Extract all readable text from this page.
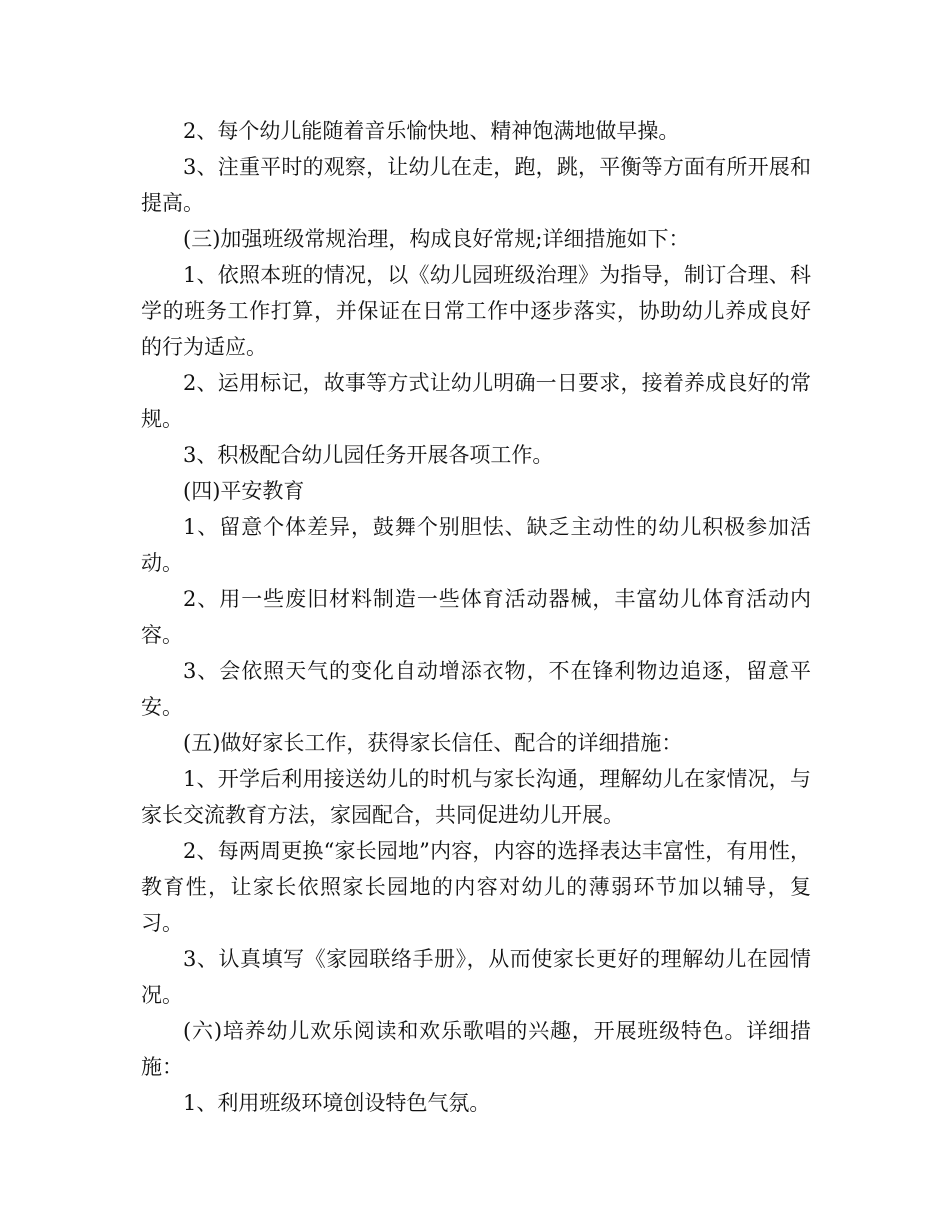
2、每个幼儿能随着音乐愉快地、精神饱满地做早操。

3、注重平时的观察，让幼儿在走，跑，跳，平衡等方面有所开展和提高。

(三)加强班级常规治理，构成良好常规;详细措施如下：

1、依照本班的情况，以《幼儿园班级治理》为指导，制订合理、科学的班务工作打算，并保证在日常工作中逐步落实，协助幼儿养成良好的行为适应。

2、运用标记，故事等方式让幼儿明确一日要求，接着养成良好的常规。

3、积极配合幼儿园任务开展各项工作。

(四)平安教育

1、留意个体差异，鼓舞个别胆怯、缺乏主动性的幼儿积极参加活动。

2、用一些废旧材料制造一些体育活动器械，丰富幼儿体育活动内容。

3、会依照天气的变化自动增添衣物，不在锋利物边追逐，留意平安。

(五)做好家长工作，获得家长信任、配合的详细措施：

1、开学后利用接送幼儿的时机与家长沟通，理解幼儿在家情况，与家长交流教育方法，家园配合，共同促进幼儿开展。

2、每两周更换“家长园地”内容，内容的选择表达丰富性，有用性，教育性，让家长依照家长园地的内容对幼儿的薄弱环节加以辅导，复习。

3、认真填写《家园联络手册》，从而使家长更好的理解幼儿在园情况。

(六)培养幼儿欢乐阅读和欢乐歌唱的兴趣，开展班级特色。详细措施：

1、利用班级环境创设特色气氛。
